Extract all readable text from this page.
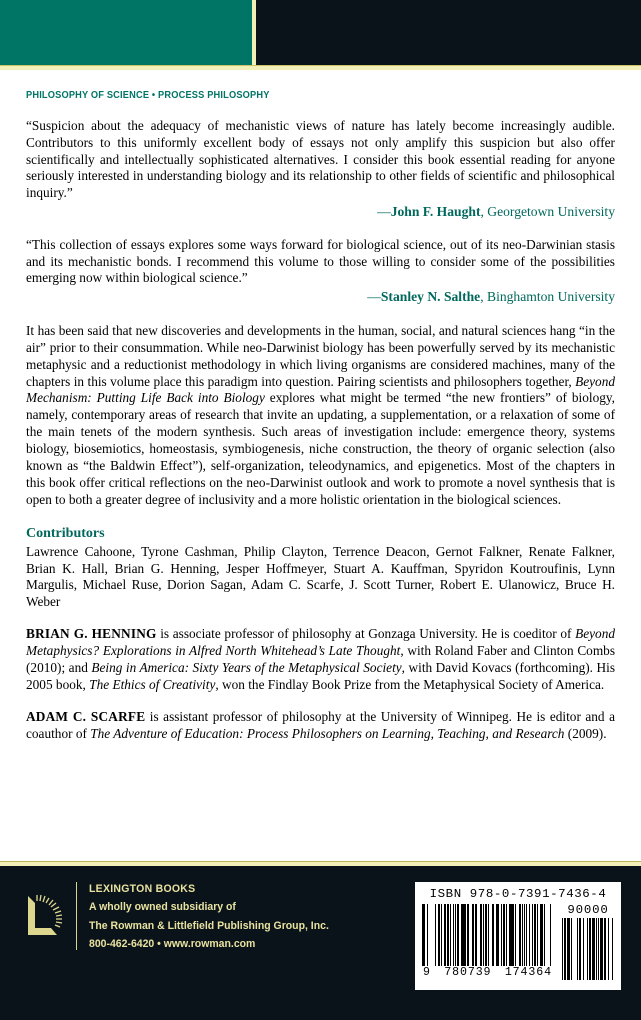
PHILOSOPHY OF SCIENCE • PROCESS PHILOSOPHY

“Suspicion about the adequacy of mechanistic views of nature has lately become increasingly audible. Contributors to this uniformly excellent body of essays not only amplify this suspicion but also offer scientifically and intellectually sophisticated alternatives. I consider this book essential reading for anyone seriously interested in understanding biology and its relationship to other fields of scientific and philosophical inquiry.”

—John F. Haught, Georgetown University

“This collection of essays explores some ways forward for biological science, out of its neo-Darwinian stasis and its mechanistic bonds. I recommend this volume to those willing to consider some of the possibilities emerging now within biological science.”

—Stanley N. Salthe, Binghamton University

It has been said that new discoveries and developments in the human, social, and natural sciences hang “in the air” prior to their consummation. While neo-Darwinist biology has been powerfully served by its mechanistic metaphysic and a reductionist methodology in which living organisms are considered machines, many of the chapters in this volume place this paradigm into question. Pairing scientists and philosophers together, Beyond Mechanism: Putting Life Back into Biology explores what might be termed “the new frontiers” of biology, namely, contemporary areas of research that invite an updating, a supplementation, or a relaxation of some of the main tenets of the modern synthesis. Such areas of investigation include: emergence theory, systems biology, biosemiotics, homeostasis, symbiogenesis, niche construction, the theory of organic selection (also known as “the Baldwin Effect”), self-organization, teleodynamics, and epigenetics. Most of the chapters in this book offer critical reflections on the neo-Darwinist outlook and work to promote a novel synthesis that is open to both a greater degree of inclusivity and a more holistic orientation in the biological sciences.

Contributors

Lawrence Cahoone, Tyrone Cashman, Philip Clayton, Terrence Deacon, Gernot Falkner, Renate Falkner, Brian K. Hall, Brian G. Henning, Jesper Hoffmeyer, Stuart A. Kauffman, Spyridon Koutroufinis, Lynn Margulis, Michael Ruse, Dorion Sagan, Adam C. Scarfe, J. Scott Turner, Robert E. Ulanowicz, Bruce H. Weber

BRIAN G. HENNING is associate professor of philosophy at Gonzaga University. He is coeditor of Beyond Metaphysics? Explorations in Alfred North Whitehead’s Late Thought, with Roland Faber and Clinton Combs (2010); and Being in America: Sixty Years of the Metaphysical Society, with David Kovacs (forthcoming). His 2005 book, The Ethics of Creativity, won the Findlay Book Prize from the Metaphysical Society of America.

ADAM C. SCARFE is assistant professor of philosophy at the University of Winnipeg. He is editor and a coauthor of The Adventure of Education: Process Philosophers on Learning, Teaching, and Research (2009).

LEXINGTON BOOKS
A wholly owned subsidiary of
The Rowman & Littlefield Publishing Group, Inc.
800-462-6420 • www.rowman.com
ISBN 978-0-7391-7436-4
9 780739 174364
90000
